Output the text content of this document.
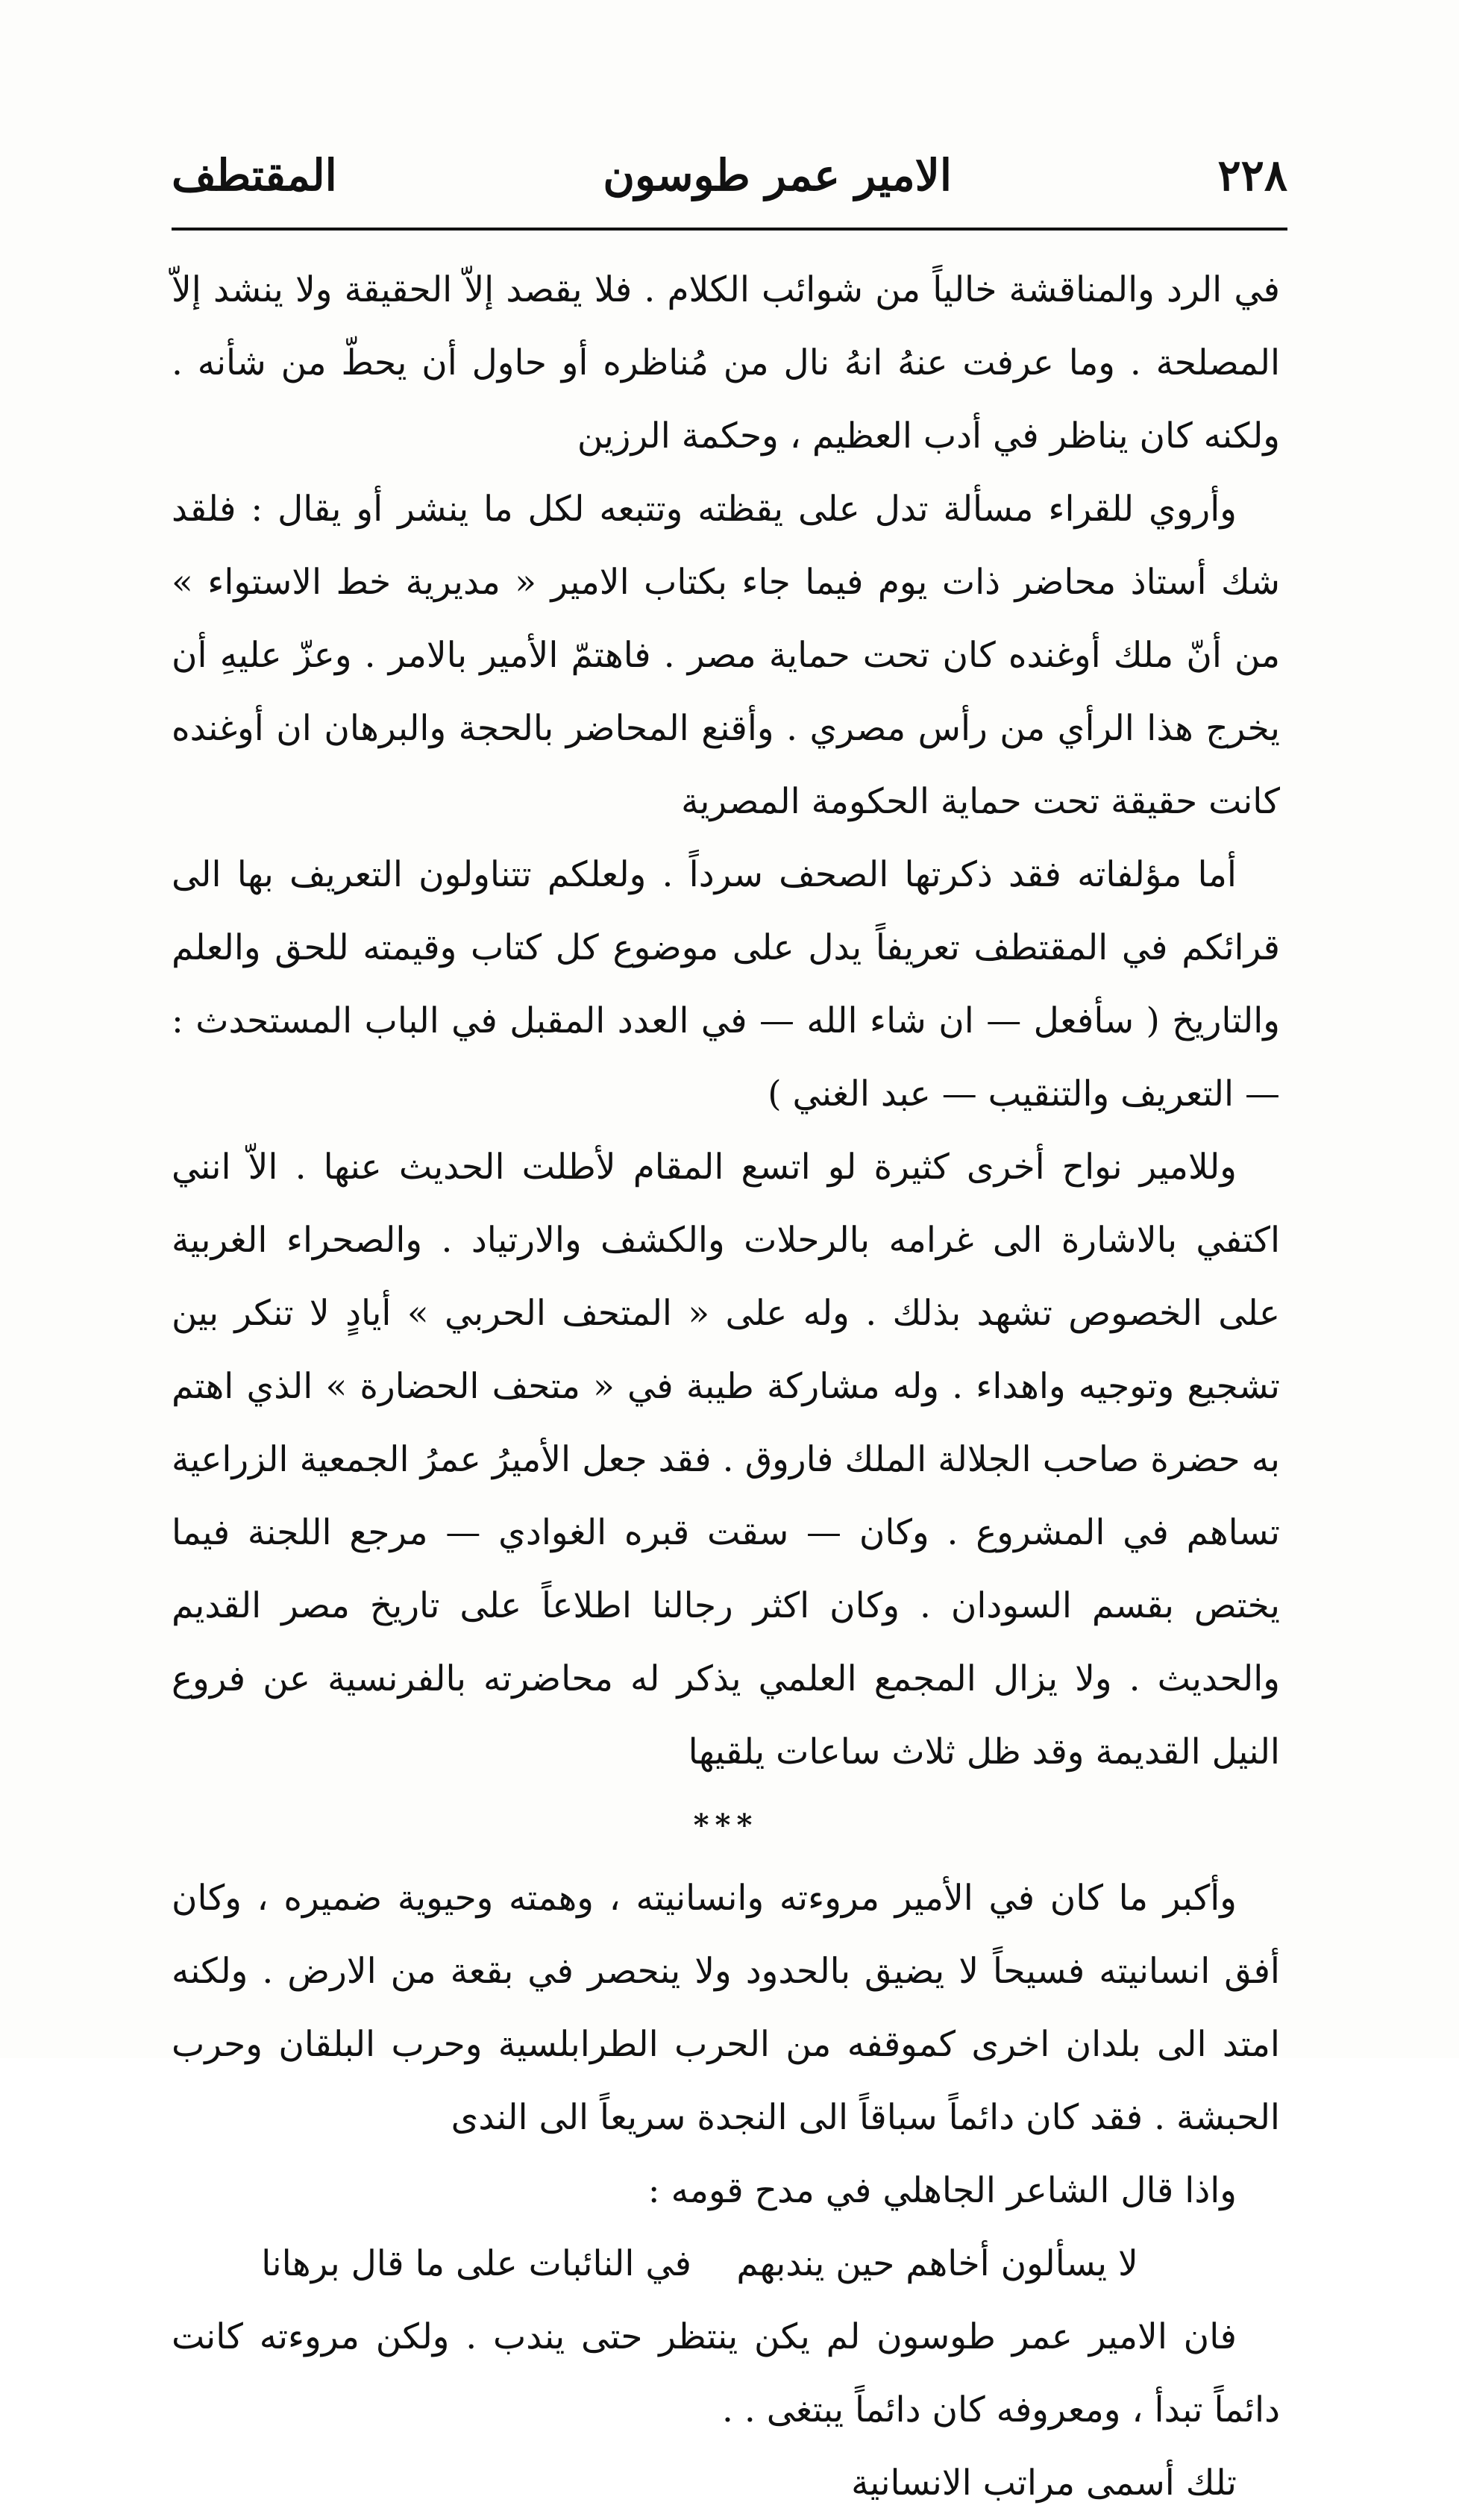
٢٢٨
الامير عمر طوسون
المقتطف

في الرد والمناقشة خالياً من شوائب الكلام . فلا يقصد إلاّ الحقيقة ولا ينشد إلاّ المصلحة . وما عرفت عنهُ انهُ نال من مُناظره أو حاول أن يحطّ من شأنه . ولكنه كان يناظر في أدب العظيم ، وحكمة الرزين

وأروي للقراء مسألة تدل على يقظته وتتبعه لكل ما ينشر أو يقال : فلقد شك أستاذ محاضر ذات يوم فيما جاء بكتاب الامير « مديرية خط الاستواء » من أنّ ملك أوغنده كان تحت حماية مصر . فاهتمّ الأمير بالامر . وعزّ عليهِ أن يخرج هذا الرأي من رأس مصري . وأقنع المحاضر بالحجة والبرهان ان أوغنده كانت حقيقة تحت حماية الحكومة المصرية

أما مؤلفاته فقد ذكرتها الصحف سرداً . ولعلكم تتناولون التعريف بها الى قرائكم في المقتطف تعريفاً يدل على موضوع كل كتاب وقيمته للحق والعلم والتاريخ ( سأفعل — ان شاء الله — في العدد المقبل في الباب المستحدث : — التعريف والتنقيب — عبد الغني )

وللامير نواح أخرى كثيرة لو اتسع المقام لأطلت الحديث عنها . الاّ انني اكتفي بالاشارة الى غرامه بالرحلات والكشف والارتياد . والصحراء الغربية على الخصوص تشهد بذلك . وله على « المتحف الحربي » أيادٍ لا تنكر بين تشجيع وتوجيه واهداء . وله مشاركة طيبة في « متحف الحضارة » الذي اهتم به حضرة صاحب الجلالة الملك فاروق . فقد جعل الأميرُ عمرُ الجمعية الزراعية تساهم في المشروع . وكان — سقت قبره الغوادي — مرجع اللجنة فيما يختص بقسم السودان . وكان اكثر رجالنا اطلاعاً على تاريخ مصر القديم والحديث . ولا يزال المجمع العلمي يذكر له محاضرته بالفرنسية عن فروع النيل القديمة وقد ظل ثلاث ساعات يلقيها

***

وأكبر ما كان في الأمير مروءته وانسانيته ، وهمته وحيوية ضميره ، وكان أفق انسانيته فسيحاً لا يضيق بالحدود ولا ينحصر في بقعة من الارض . ولكنه امتد الى بلدان اخرى كموقفه من الحرب الطرابلسية وحرب البلقان وحرب الحبشة . فقد كان دائماً سباقاً الى النجدة سريعاً الى الندى

واذا قال الشاعر الجاهلي في مدح قومه :

لا يسألون أخاهم حين يندبهم
في النائبات على ما قال برهانا

فان الامير عمر طوسون لم يكن ينتظر حتى يندب . ولكن مروءته كانت دائماً تبدأ ، ومعروفه كان دائماً يبتغى . .

تلك أسمى مراتب الانسانية
